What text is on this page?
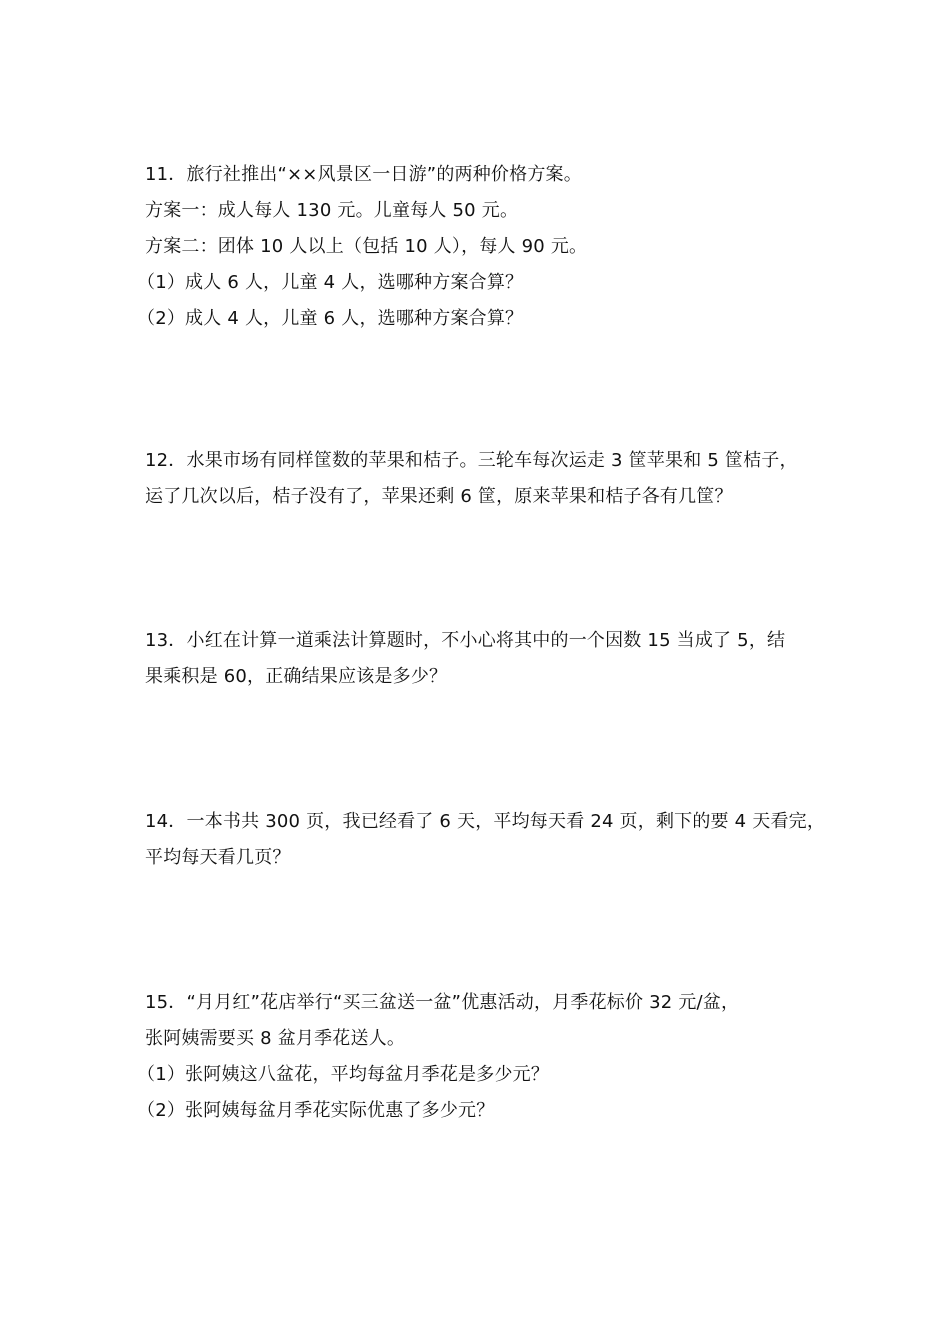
11．旅行社推出“××风景区一日游”的两种价格方案。
方案一：成人每人 130 元。儿童每人 50 元。
方案二：团体 10 人以上（包括 10 人），每人 90 元。
（1）成人 6 人，儿童 4 人，选哪种方案合算？
（2）成人 4 人，儿童 6 人，选哪种方案合算？
12．水果市场有同样筐数的苹果和桔子。三轮车每次运走 3 筐苹果和 5 筐桔子，
运了几次以后，桔子没有了，苹果还剩 6 筐，原来苹果和桔子各有几筐？
13．小红在计算一道乘法计算题时，不小心将其中的一个因数 15 当成了 5，结
果乘积是 60，正确结果应该是多少？
14．一本书共 300 页，我已经看了 6 天，平均每天看 24 页，剩下的要 4 天看完，
平均每天看几页？
15．“月月红”花店举行“买三盆送一盆”优惠活动，月季花标价 32 元/盆，
张阿姨需要买 8 盆月季花送人。
（1）张阿姨这八盆花，平均每盆月季花是多少元？
（2）张阿姨每盆月季花实际优惠了多少元？
